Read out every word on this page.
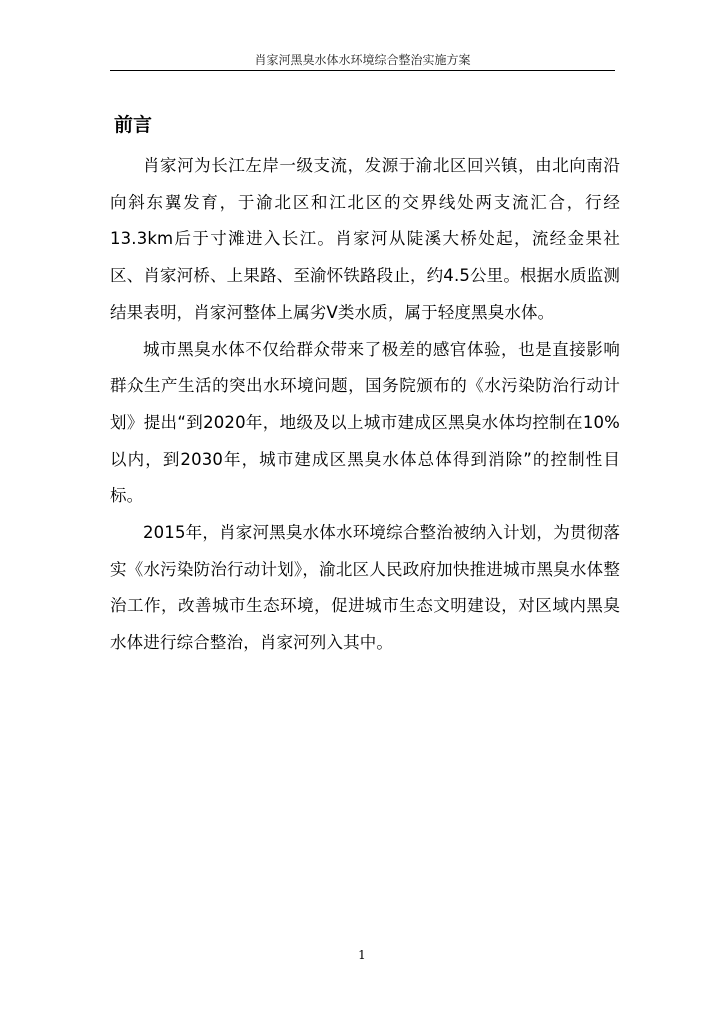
肖家河黑臭水体水环境综合整治实施方案
前言

肖家河为长江左岸一级支流，发源于渝北区回兴镇，由北向南沿向斜东翼发育，于渝北区和江北区的交界线处两支流汇合，行经13.3km后于寸滩进入长江。肖家河从陡溪大桥处起，流经金果社区、肖家河桥、上果路、至渝怀铁路段止，约4.5公里。根据水质监测结果表明，肖家河整体上属劣Ⅴ类水质，属于轻度黑臭水体。

城市黑臭水体不仅给群众带来了极差的感官体验，也是直接影响群众生产生活的突出水环境问题，国务院颁布的《水污染防治行动计划》提出“到2020年，地级及以上城市建成区黑臭水体均控制在10%以内，到2030年，城市建成区黑臭水体总体得到消除”的控制性目标。

2015年，肖家河黑臭水体水环境综合整治被纳入计划，为贯彻落实《水污染防治行动计划》，渝北区人民政府加快推进城市黑臭水体整治工作，改善城市生态环境，促进城市生态文明建设，对区域内黑臭水体进行综合整治，肖家河列入其中。

1
